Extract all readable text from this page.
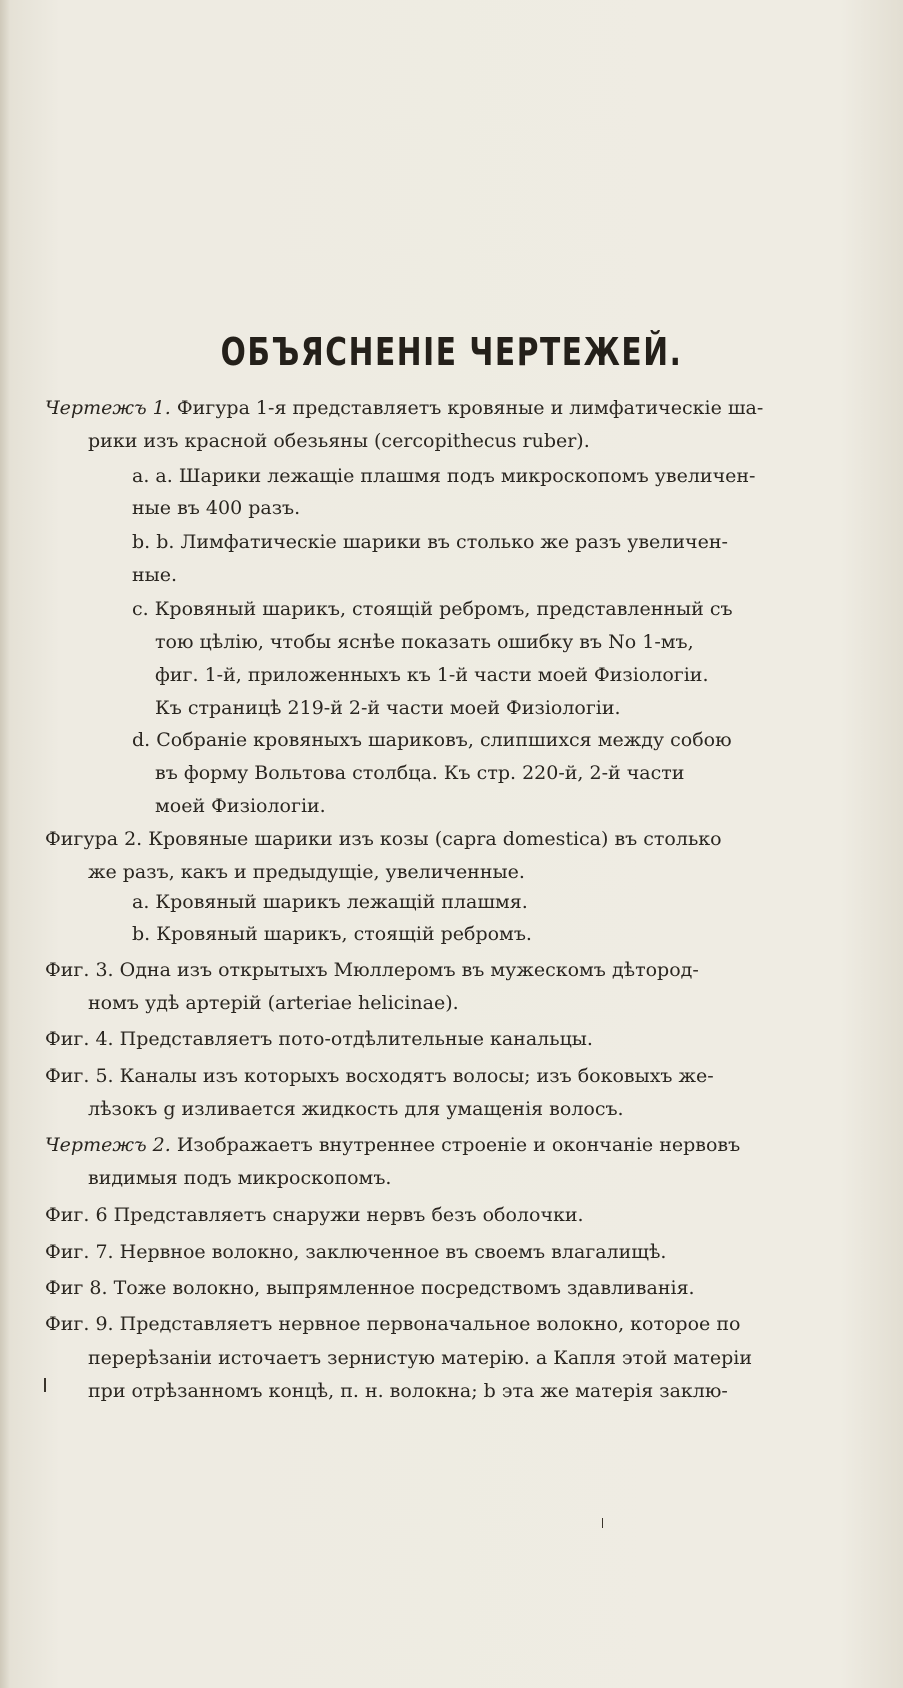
ОБЪЯСНЕНIЕ ЧЕРТЕЖЕЙ.
Чертежъ 1. Фигура 1-я представляетъ кровяные и лимфатическiе ша-
рики изъ красной обезьяны (cercopithecus ruber).
a. a. Шарики лежащiе плашмя подъ микроскопомъ увеличен-
ные въ 400 разъ.
b. b. Лимфатическiе шарики въ столько же разъ увеличен-
ные.
c. Кровяный шарикъ, стоящiй ребромъ, представленный съ
тою цѣлiю, чтобы яснѣе показать ошибку въ No 1-мъ,
фиг. 1-й, приложенныхъ къ 1-й части моей Физiологiи.
Къ страницѣ 219-й 2-й части моей Физiологiи.
d. Собранiе кровяныхъ шариковъ, слипшихся между собою
въ форму Вольтова столбца. Къ стр. 220-й, 2-й части
моей Физiологiи.
Фигура 2. Кровяные шарики изъ козы (capra domestica) въ столько
же разъ, какъ и предыдущiе, увеличенные.
a. Кровяный шарикъ лежащiй плашмя.
b. Кровяный шарикъ, стоящiй ребромъ.
Фиг. 3. Одна изъ открытыхъ Мюллеромъ въ мужескомъ дѣтород-
номъ удѣ артерiй (arteriae helicinae).
Фиг. 4. Представляетъ пото-отдѣлительные канальцы.
Фиг. 5. Каналы изъ которыхъ восходятъ волосы; изъ боковыхъ же-
лѣзокъ g изливается жидкость для умащенiя волосъ.
Чертежъ 2. Изображаетъ внутреннее строенiе и окончанiе нервовъ
видимыя подъ микроскопомъ.
Фиг. 6 Представляетъ снаружи нервъ безъ оболочки.
Фиг. 7. Нервное волокно, заключенное въ своемъ влагалищѣ.
Фиг 8. Тоже волокно, выпрямленное посредствомъ здавливанiя.
Фиг. 9. Представляетъ нервное первоначальное волокно, которое по
перерѣзанiи источаетъ зернистую матерiю. a Капля этой матерiи
при отрѣзанномъ концѣ, п. н. волокна; b эта же матерiя заклю-
